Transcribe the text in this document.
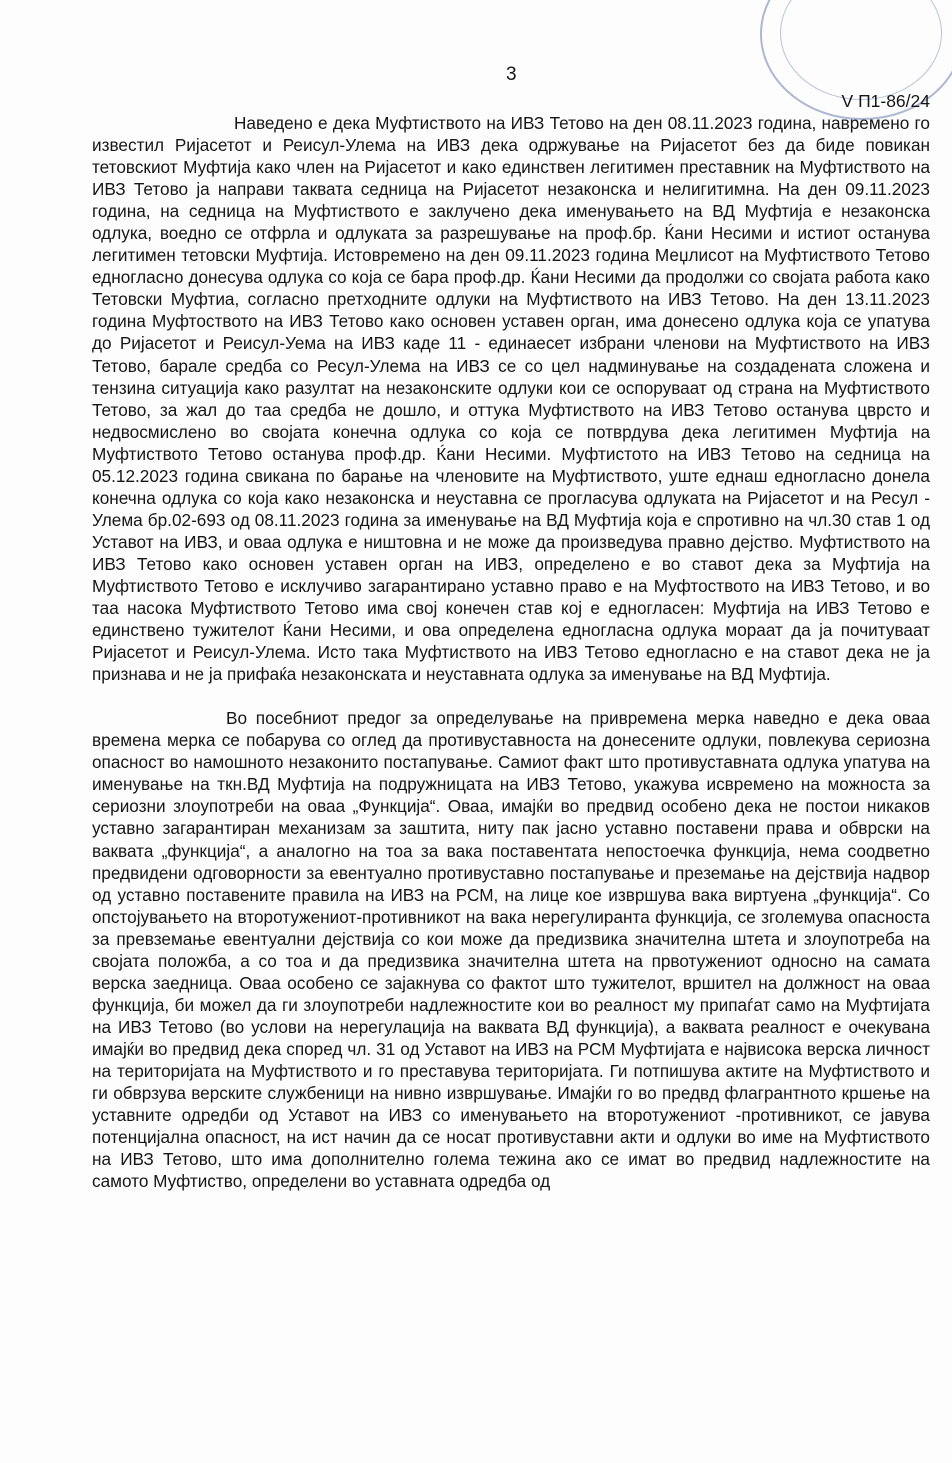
3
V П1-86/24

Наведено е дека Муфтиството на ИВЗ Тетово на ден 08.11.2023 година, навремено го известил Ријасетот и Реисул-Улема на ИВЗ дека одржување на Ријасетот без да биде повикан тетовскиот Муфтија како член на Ријасетот и како единствен легитимен преставник на Муфтиството на ИВЗ Тетово ја направи таквата седница на Ријасетот незаконска и нелигитимна. На ден 09.11.2023 година, на седница на Муфтиството е заклучено дека именувањето на ВД Муфтија е незаконска одлука, воедно се отфрла и одлуката за разрешување на проф.бр. Ќани Несими и истиот останува легитимен тетовски Муфтија. Истовремено на ден 09.11.2023 година Меџлисот на Муфтиството Тетово едногласно донесува одлука со која се бара проф.др. Ќани Несими да продолжи со својата работа како Тетовски Муфтиа, согласно претходните одлуки на Муфтиството на ИВЗ Тетово. На ден 13.11.2023 година Муфтоството на ИВЗ Тетово како основен уставен орган, има донесено одлука која се упатува до Ријасетот и Реисул-Уема на ИВЗ каде 11 - единаесет избрани членови на Муфтиството на ИВЗ Тетово, барале средба со Ресул-Улема на ИВЗ се со цел надминување на создадената сложена и тензина ситуација како разултат на незаконските одлуки кои се оспоруваат од страна на Муфтиството Тетово, за жал до таа средба не дошло, и оттука Муфтиството на ИВЗ Тетово останува цврсто и недвосмислено во својата конечна одлука со која се потврдува дека легитимен Муфтија на Муфтиството Тетово останува проф.др. Ќани Несими. Муфтистото на ИВЗ Тетово на седница на 05.12.2023 година свикана по барање на членовите на Муфтиството, уште еднаш едногласно донела конечна одлука со која како незаконска и неуставна се прогласува одлуката на Ријасетот и на Ресул - Улема бр.02-693 од 08.11.2023 година за именување на ВД Муфтија која е спротивно на чл.30 став 1 од Уставот на ИВЗ, и оваа одлука е ништовна и не може да произведува правно дејство. Муфтиството на ИВЗ Тетово како основен уставен орган на ИВЗ, определено е во ставот дека за Муфтија на Муфтиството Тетово е исклучиво загарантирано уставно право е на Муфтоството на ИВЗ Тетово, и во таа насока Муфтиството Тетово има свој конечен став кој е едногласен: Муфтија на ИВЗ Тетово е единствено тужителот Ќани Несими, и ова определена едногласна одлука мораат да ја почитуваат Ријасетот и Реисул-Улема. Исто така Муфтиството на ИВЗ Тетово едногласно е на ставот дека не ја признава и не ја прифаќа незаконската и неуставната одлука за именување на ВД Муфтија.

Во посебниот предог за определување на привремена мерка наведно е дека оваа времена мерка се побарува со оглед да противуставноста на донесените одлуки, повлекува сериозна опасност во намошното незаконито постапување. Самиот факт што противуставната одлука упатува на именување на ткн.ВД Муфтија на подружницата на ИВЗ Тетово, укажува исвремено на можноста за сериозни злоупотреби на оваа „Функција“. Оваа, имајќи во предвид особено дека не постои никаков уставно загарантиран механизам за заштита, ниту пак јасно уставно поставени права и обврски на ваквата „функција“, а аналогно на тоа за вака поставентата непостоечка функција, нема соодветно предвидени одговорности за евентуално противуставно постапување и преземање на дејствија надвор од уставно поставените правила на ИВЗ на РСМ, на лице кое извршува вака виртуена „функција“. Со опстојувањето на второтужениот-противникот на вака нерегулиранта функција, се зголемува опасноста за превземање евентуални дејствија со кои може да предизвика значителна штета и злоупотреба на својата положба, а со тоа и да предизвика значителна штета на првотужениот односно на самата верска заедница. Оваа особено се зајакнува со фактот што тужителот, вршител на должност на оваа функција, би можел да ги злоупотреби надлежностите кои во реалност му припаѓат само на Муфтијата на ИВЗ Тетово (во услови на нерегулација на ваквата ВД функција), а ваквата реалност е очекувана имајќи во предвид дека според чл. 31 од Уставот на ИВЗ на РСМ Муфтијата е највисока верска личност на територијата на Муфтиството и го преставува територијата. Ги потпишува актите на Муфтиството и ги обврзува верските службеници на нивно извршување. Имајќи го во предвд флагрантното кршење на уставните одредби од Уставот на ИВЗ со именувањето на второтужениот -противникот, се јавува потенцијална опасност, на ист начин да се носат противуставни акти и одлуки во име на Муфтиството на ИВЗ Тетово, што има дополнително голема тежина ако се имат во предвид надлежностите на самото Муфтиство, определени во уставната одредба од
